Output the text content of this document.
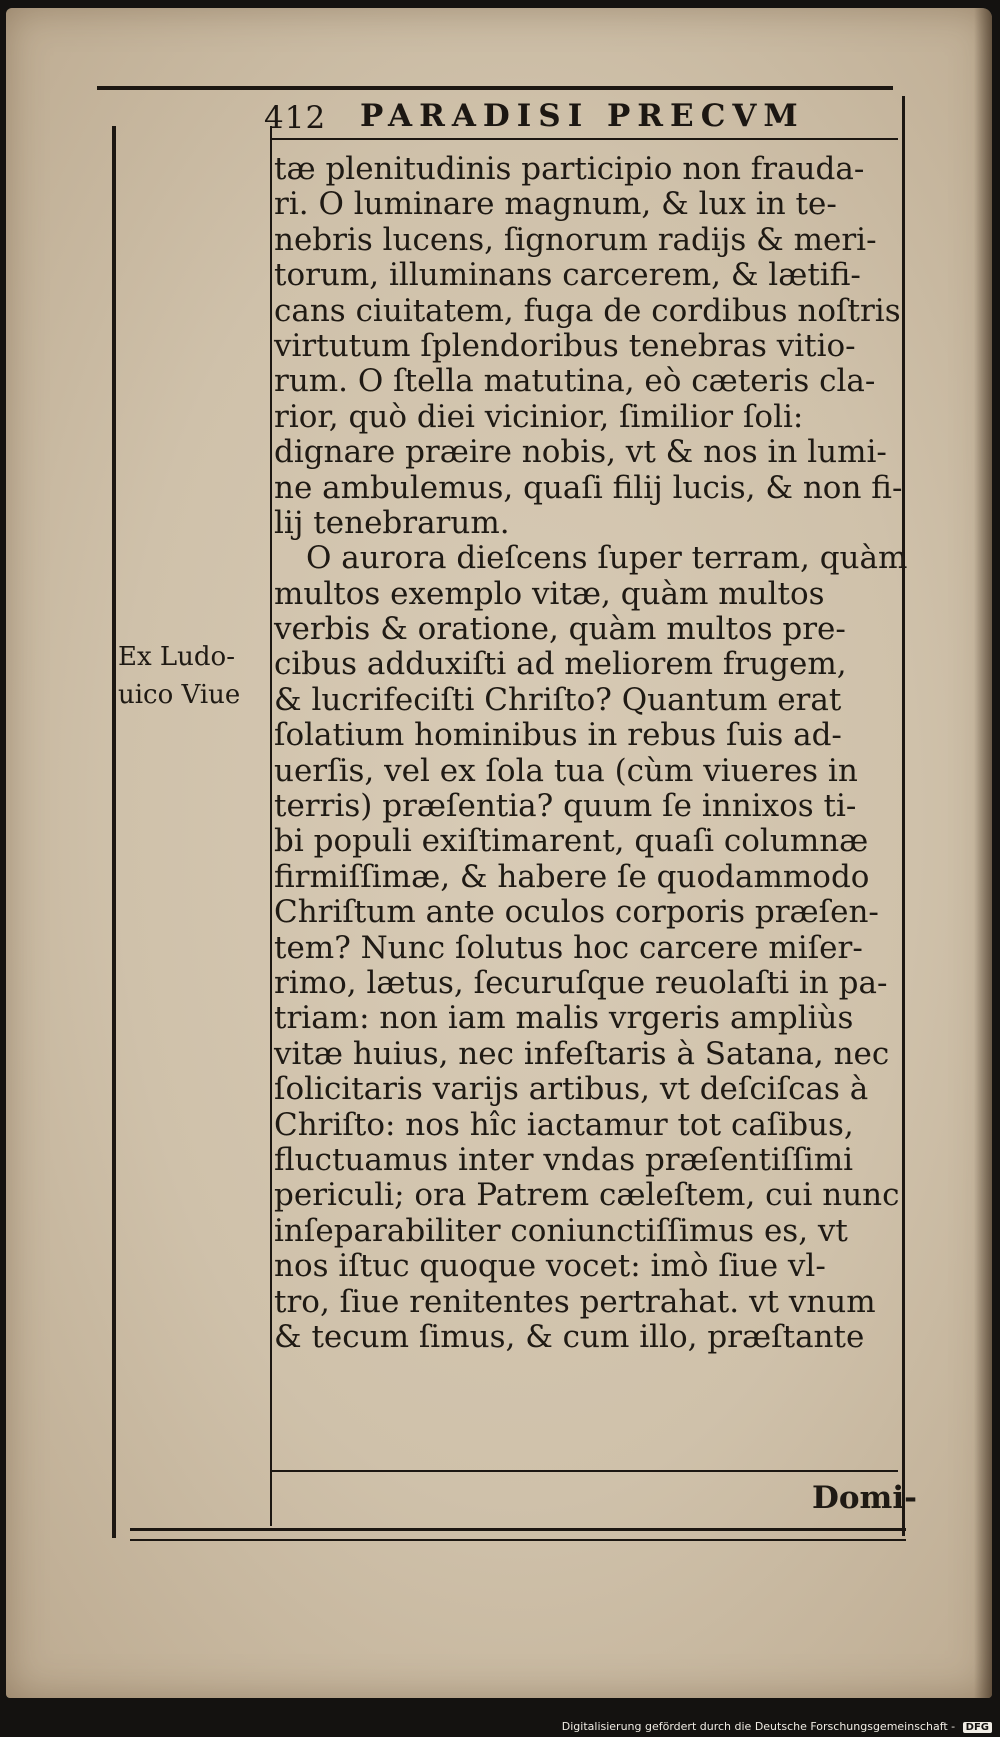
412 PARADISI PRECVM
tæ plenitudinis participio non frauda-
ri. O luminare magnum, & lux in te-
nebris lucens, ſignorum radijs & meri-
torum, illuminans carcerem, & lætifi-
cans ciuitatem, fuga de cordibus noſtris
virtutum ſplendoribus tenebras vitio-
rum. O ſtella matutina, eò cæteris cla-
rior, quò diei vicinior, ſimilior ſoli:
dignare præire nobis, vt & nos in lumi-
ne ambulemus, quaſi filij lucis, & non fi-
lij tenebrarum.
O aurora dieſcens ſuper terram, quàm
multos exemplo vitæ, quàm multos
verbis & oratione, quàm multos pre-
cibus adduxiſti ad meliorem frugem,
& lucrifeciſti Chriſto? Quantum erat
ſolatium hominibus in rebus ſuis ad-
uerſis, vel ex ſola tua (cùm viueres in
terris) præſentia? quum ſe innixos ti-
bi populi exiſtimarent, quaſi columnæ
firmiſſimæ, & habere ſe quodammodo
Chriſtum ante oculos corporis præſen-
tem? Nunc ſolutus hoc carcere miſer-
rimo, lætus, ſecuruſque reuolaſti in pa-
triam: non iam malis vrgeris ampliùs
vitæ huius, nec infeſtaris à Satana, nec
ſolicitaris varijs artibus, vt deſciſcas à
Chriſto: nos hîc iactamur tot caſibus,
fluctuamus inter vndas præſentiſſimi
periculi; ora Patrem cæleſtem, cui nunc
inſeparabiliter coniunctiſſimus es, vt
nos iſtuc quoque vocet: imò ſiue vl-
tro, ſiue renitentes pertrahat. vt vnum
& tecum ſimus, & cum illo, præſtante
Ex Ludo-
uico Viue
Domi-
Digitalisierung gefördert durch die Deutsche Forschungsgemeinschaft - DFG
